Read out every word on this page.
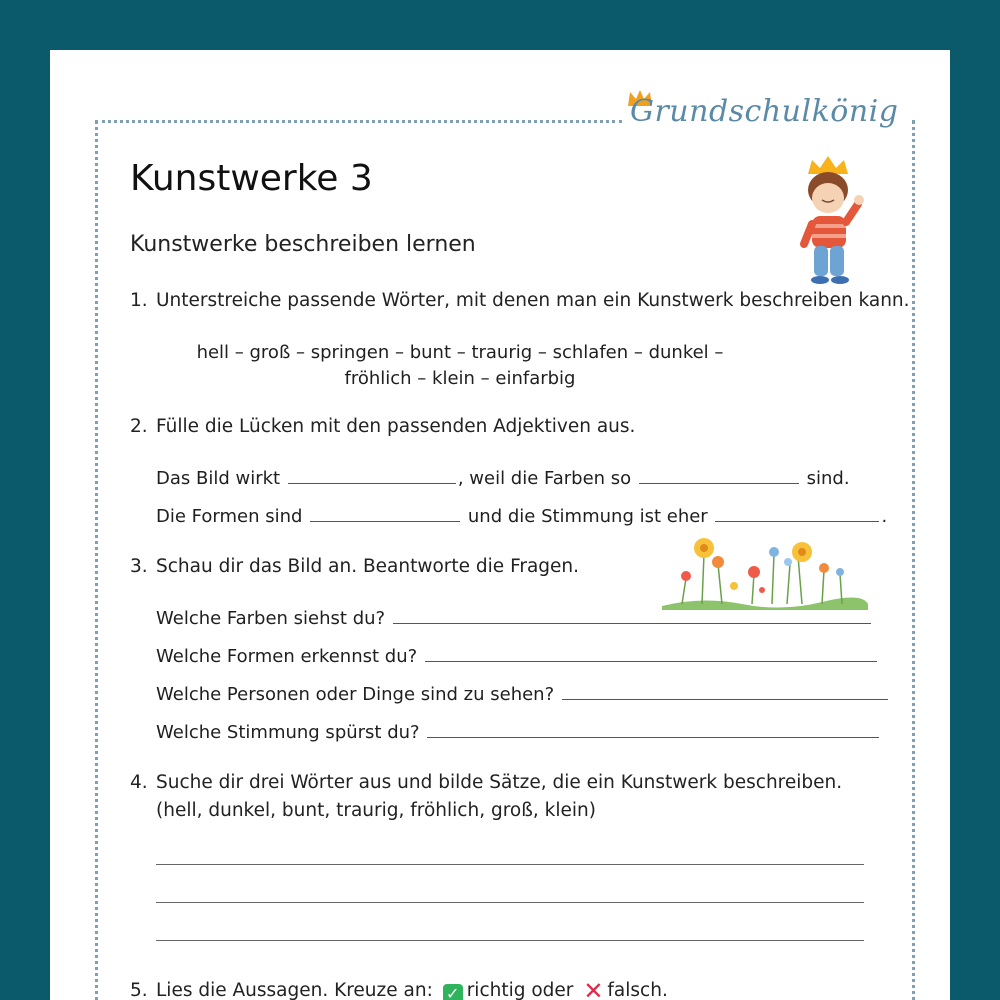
Grundschulkönig
Kunstwerke 3
Kunstwerke beschreiben lernen
1. Unterstreiche passende Wörter, mit denen man ein Kunstwerk beschreiben kann.
hell – groß – springen – bunt – traurig – schlafen – dunkel –
fröhlich – klein – einfarbig
2. Fülle die Lücken mit den passenden Adjektiven aus.
Das Bild wirkt	, weil die Farben so	sind.
Die Formen sind	und die Stimmung ist eher	.
3. Schau dir das Bild an. Beantworte die Fragen.
Welche Farben siehst du?
Welche Formen erkennst du?
Welche Personen oder Dinge sind zu sehen?
Welche Stimmung spürst du?
4. Suche dir drei Wörter aus und bilde Sätze, die ein Kunstwerk beschreiben.
(hell, dunkel, bunt, traurig, fröhlich, groß, klein)
5. Lies die Aussagen. Kreuze an: ✓ richtig oder ✕ falsch.
